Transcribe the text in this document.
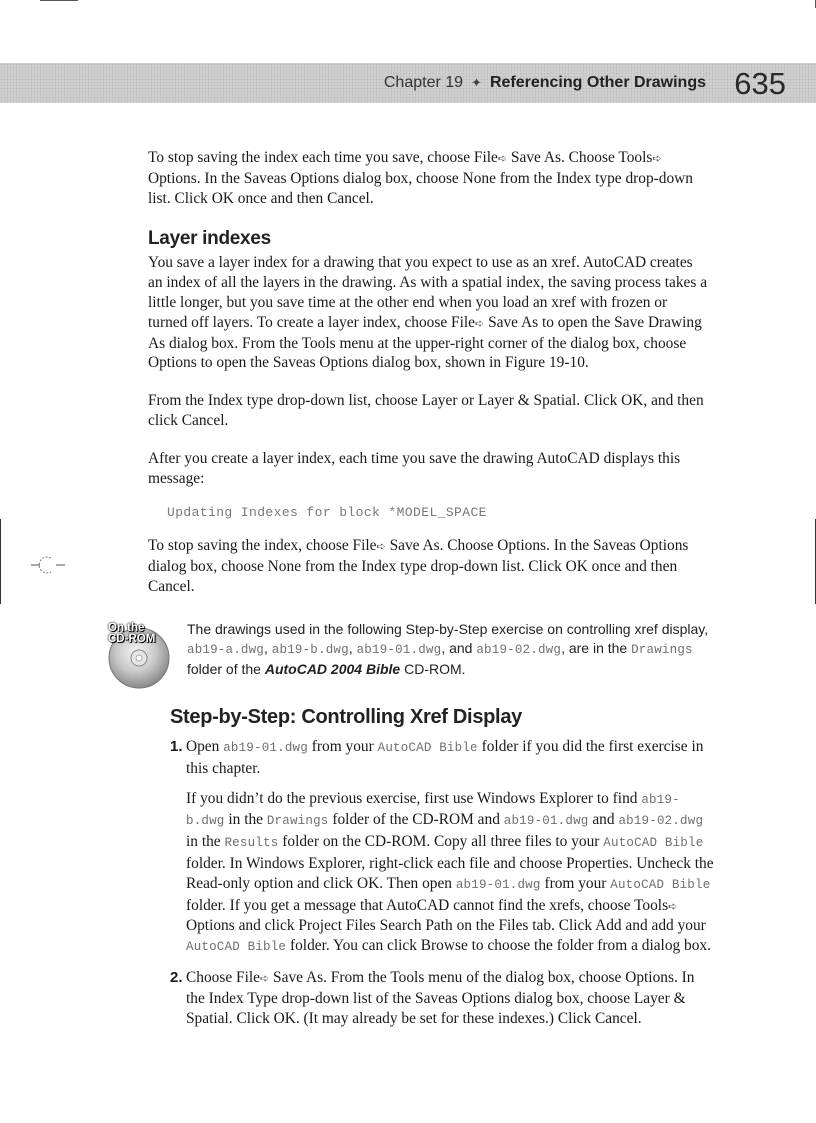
Chapter 19 ✦ Referencing Other Drawings 635

To stop saving the index each time you save, choose File➪ Save As. Choose Tools➪ Options. In the Saveas Options dialog box, choose None from the Index type drop-down list. Click OK once and then Cancel.

Layer indexes

You save a layer index for a drawing that you expect to use as an xref. AutoCAD creates an index of all the layers in the drawing. As with a spatial index, the saving process takes a little longer, but you save time at the other end when you load an xref with frozen or turned off layers. To create a layer index, choose File➪ Save As to open the Save Drawing As dialog box. From the Tools menu at the upper-right corner of the dialog box, choose Options to open the Saveas Options dialog box, shown in Figure 19-10.

From the Index type drop-down list, choose Layer or Layer & Spatial. Click OK, and then click Cancel.

After you create a layer index, each time you save the drawing AutoCAD displays this message:

Updating Indexes for block *MODEL_SPACE

To stop saving the index, choose File➪ Save As. Choose Options. In the Saveas Options dialog box, choose None from the Index type drop-down list. Click OK once and then Cancel.

On the
CD-ROM
The drawings used in the following Step-by-Step exercise on controlling xref display, ab19-a.dwg, ab19-b.dwg, ab19-01.dwg, and ab19-02.dwg, are in the Drawings folder of the AutoCAD 2004 Bible CD-ROM.
Step-by-Step: Controlling Xref Display
1. Open ab19-01.dwg from your AutoCAD Bible folder if you did the first exercise in this chapter.

If you didn’t do the previous exercise, first use Windows Explorer to find ab19-b.dwg in the Drawings folder of the CD-ROM and ab19-01.dwg and ab19-02.dwg in the Results folder on the CD-ROM. Copy all three files to your AutoCAD Bible folder. In Windows Explorer, right-click each file and choose Properties. Uncheck the Read-only option and click OK. Then open ab19-01.dwg from your AutoCAD Bible folder. If you get a message that AutoCAD cannot find the xrefs, choose Tools➪ Options and click Project Files Search Path on the Files tab. Click Add and add your AutoCAD Bible folder. You can click Browse to choose the folder from a dialog box.

2. Choose File➪ Save As. From the Tools menu of the dialog box, choose Options. In the Index Type drop-down list of the Saveas Options dialog box, choose Layer & Spatial. Click OK. (It may already be set for these indexes.) Click Cancel.
